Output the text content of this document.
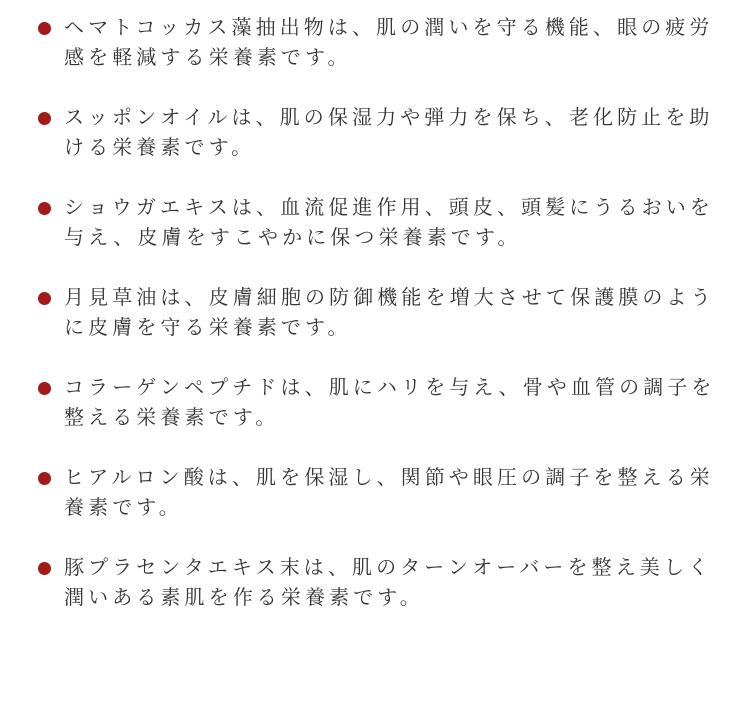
ヘマトコッカス藻抽出物は、肌の潤いを守る機能、眼の疲労感を軽減する栄養素です。
スッポンオイルは、肌の保湿力や弾力を保ち、老化防止を助ける栄養素です。
ショウガエキスは、血流促進作用、頭皮、頭髪にうるおいを与え、皮膚をすこやかに保つ栄養素です。
月見草油は、皮膚細胞の防御機能を増大させて保護膜のように皮膚を守る栄養素です。
コラーゲンペプチドは、肌にハリを与え、骨や血管の調子を整える栄養素です。
ヒアルロン酸は、肌を保湿し、関節や眼圧の調子を整える栄養素です。
豚プラセンタエキス末は、肌のターンオーバーを整え美しく潤いある素肌を作る栄養素です。
